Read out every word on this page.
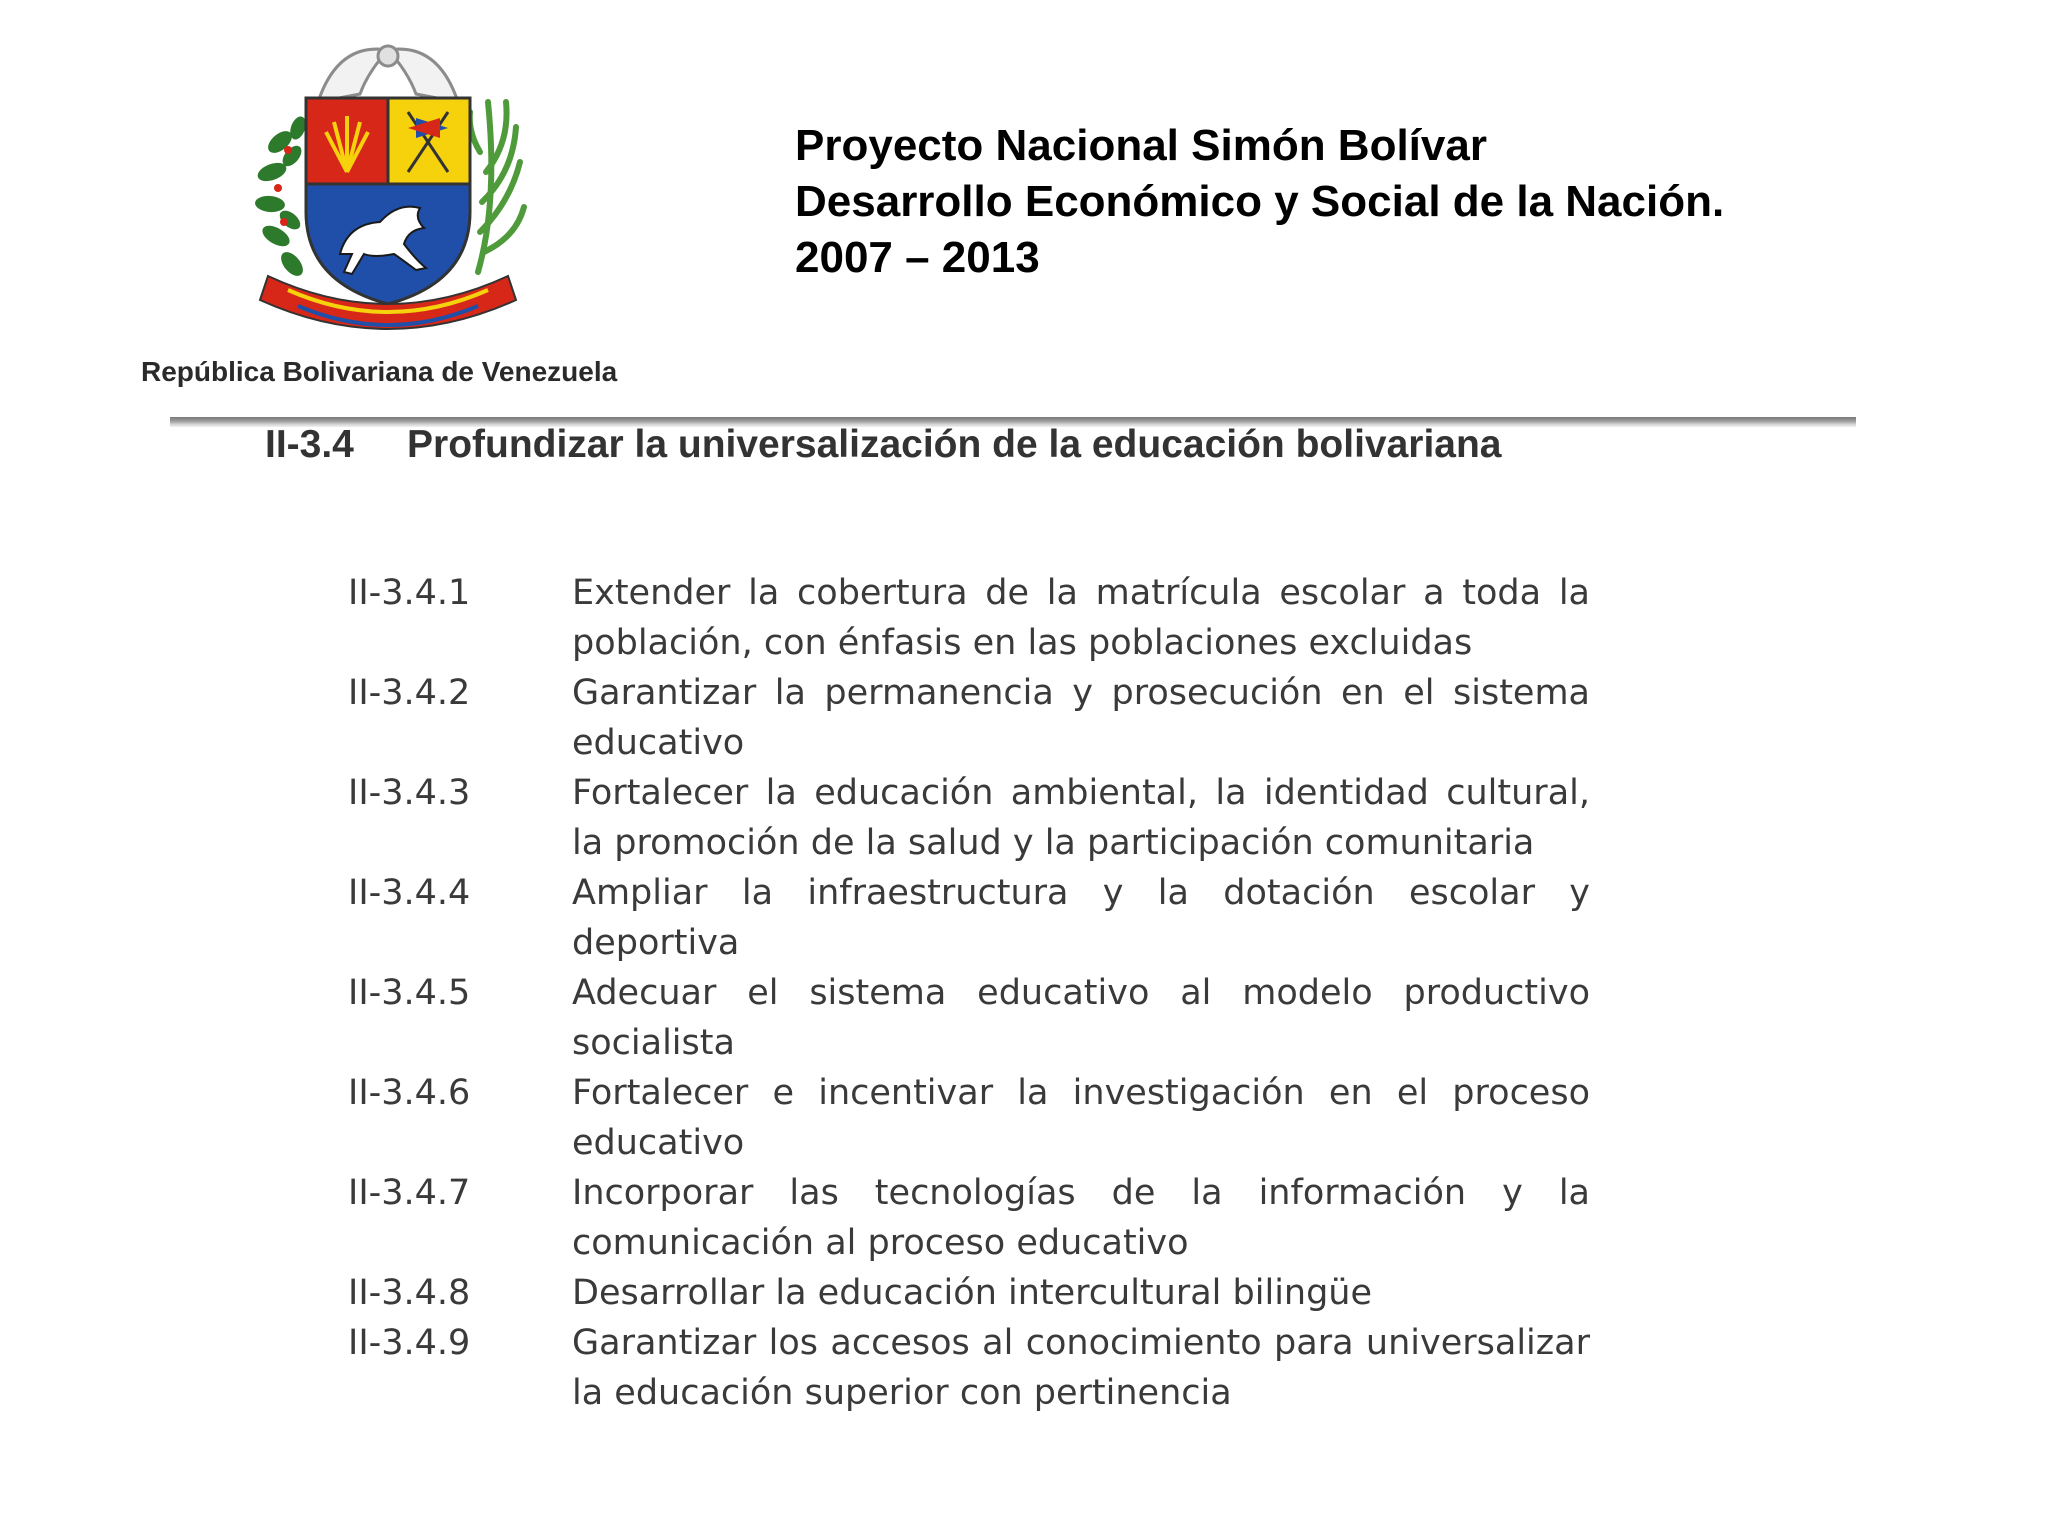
República Bolivariana de Venezuela
Proyecto Nacional Simón Bolívar
Desarrollo Económico y Social de la Nación.
2007 – 2013
II-3.4 Profundizar la universalización de la educación bolivariana
II-3.4.1	Extender la cobertura de la matrícula escolar a toda la población, con énfasis en las poblaciones excluidas
II-3.4.2	Garantizar la permanencia y prosecución en el sistema educativo
II-3.4.3	Fortalecer la educación ambiental, la identidad cultural, la promoción de la salud y la participación comunitaria
II-3.4.4	Ampliar la infraestructura y la dotación escolar y deportiva
II-3.4.5	Adecuar el sistema educativo al modelo productivo socialista
II-3.4.6	Fortalecer e incentivar la investigación en el proceso educativo
II-3.4.7	Incorporar las tecnologías de la información y la comunicación al proceso educativo
II-3.4.8	Desarrollar la educación intercultural bilingüe
II-3.4.9	Garantizar los accesos al conocimiento para universalizar la educación superior con pertinencia
